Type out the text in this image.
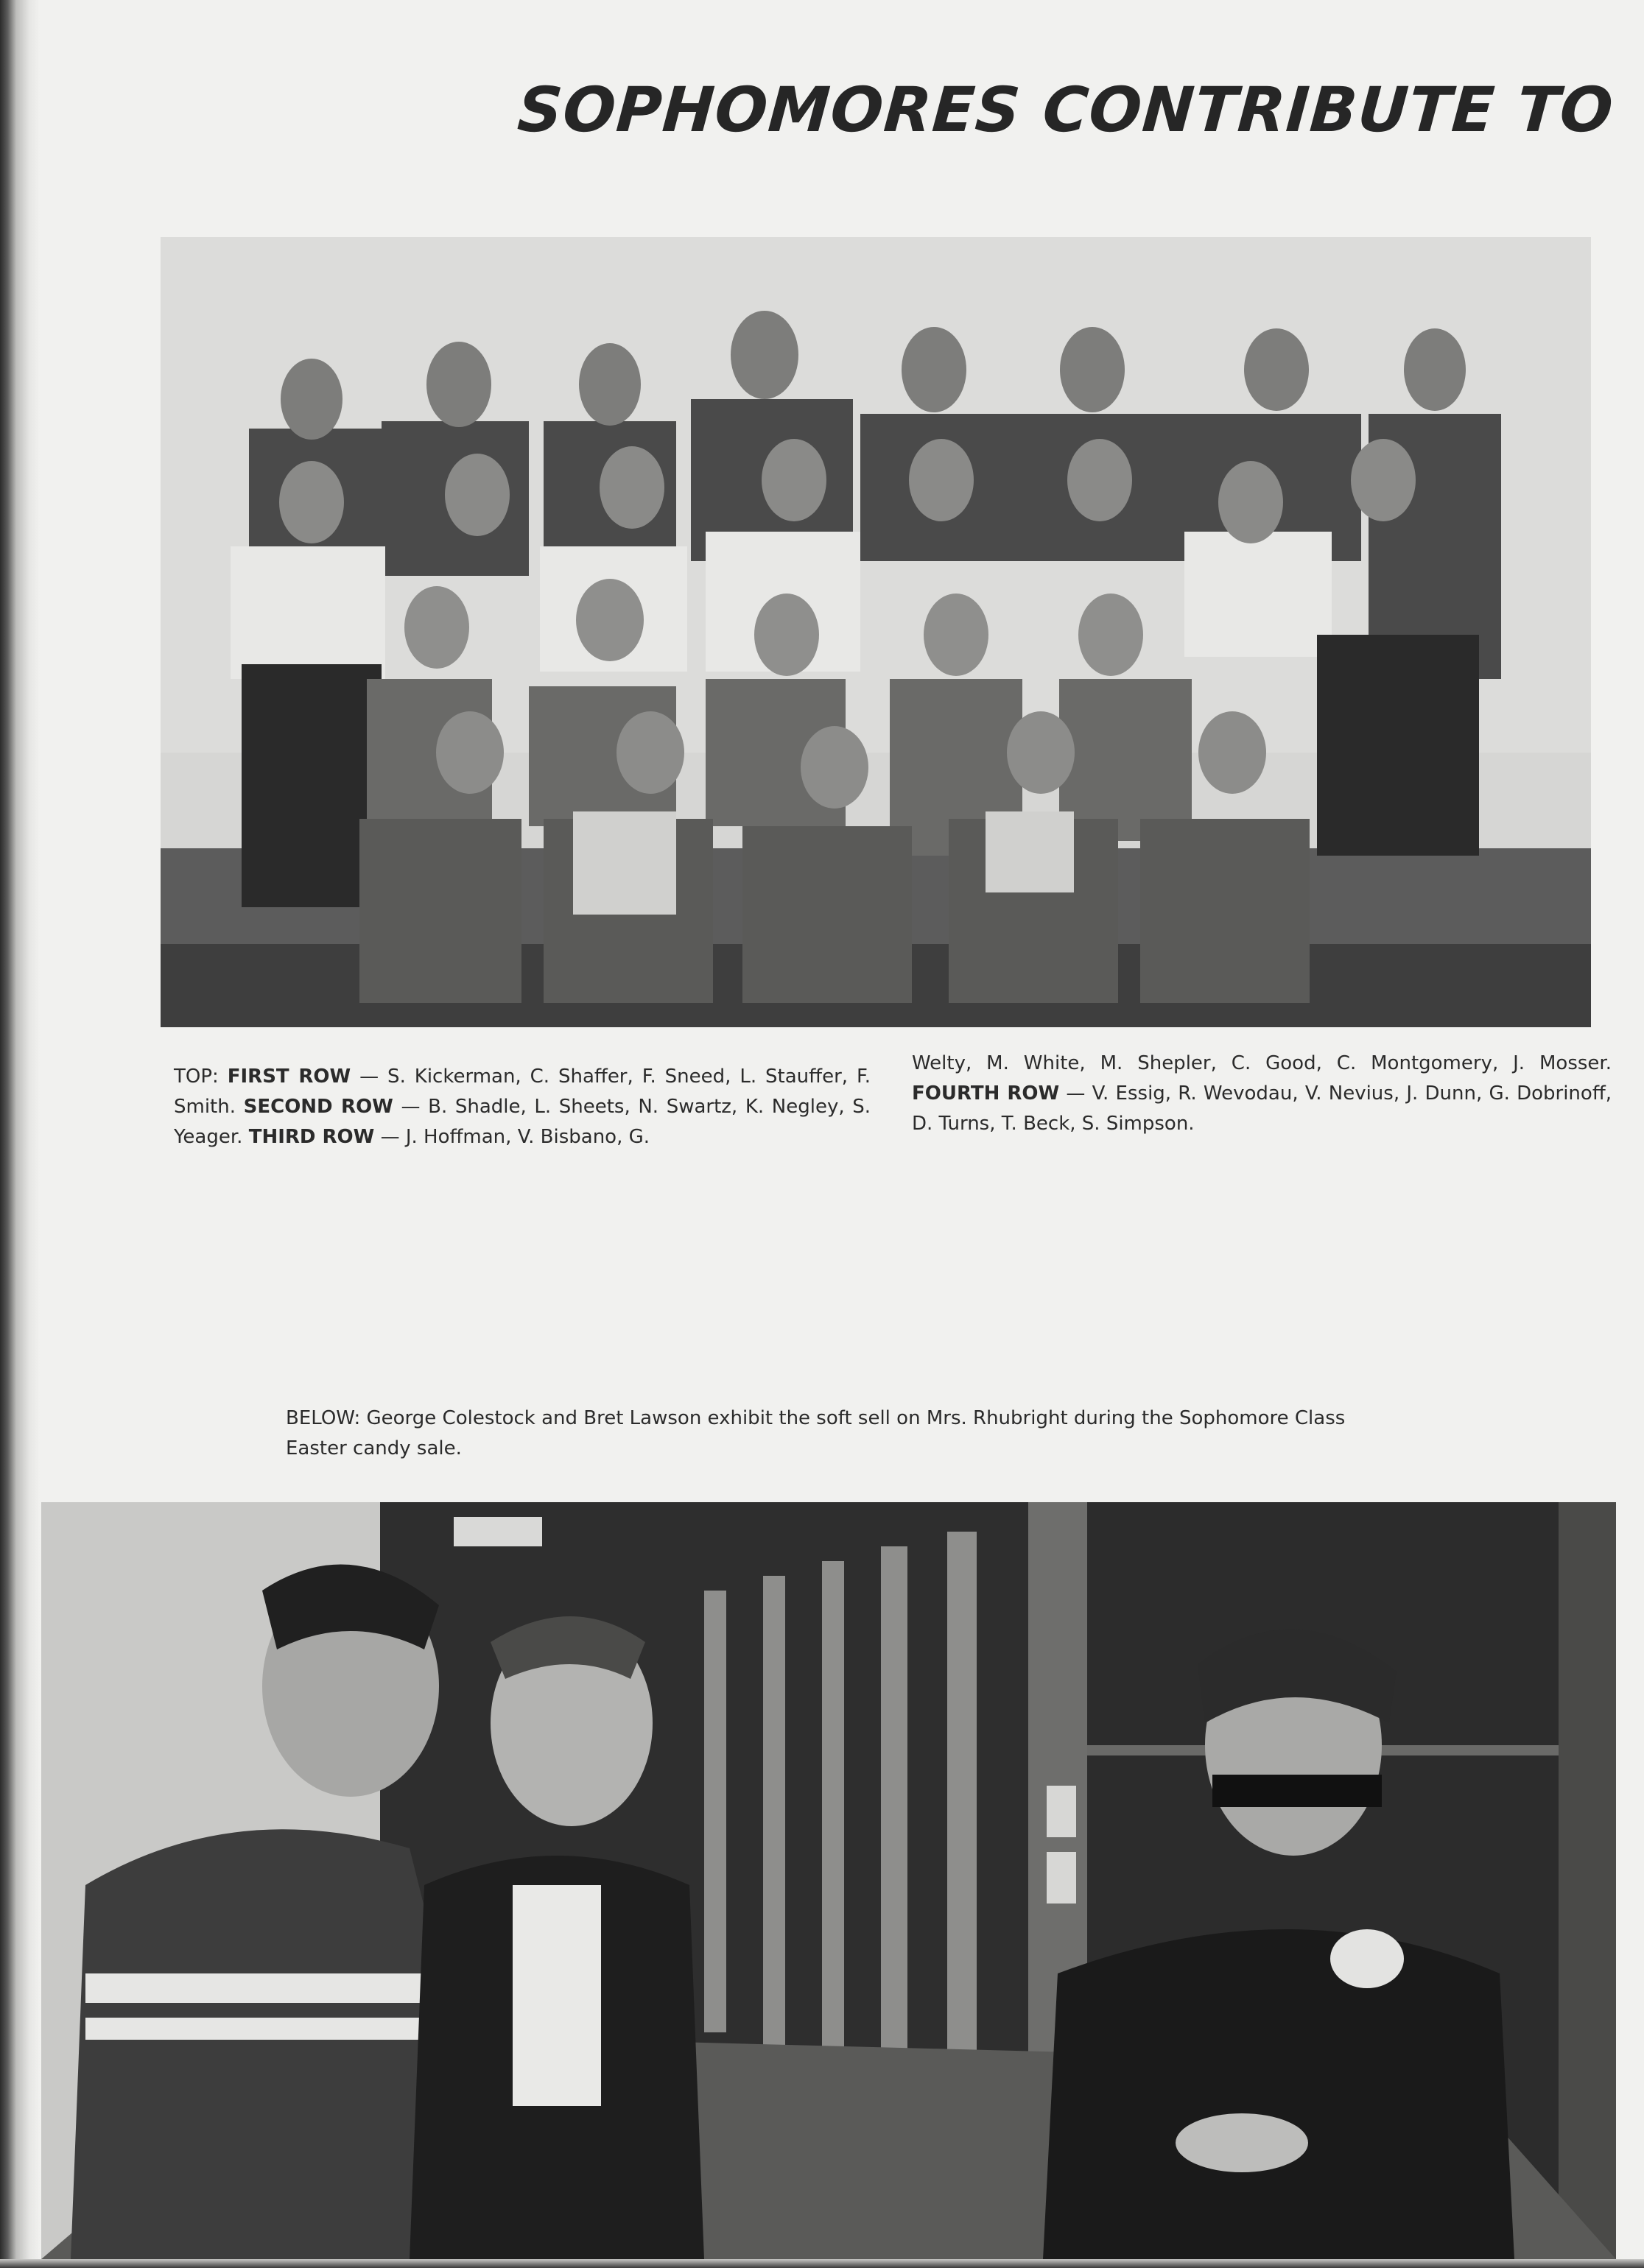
SOPHOMORES CONTRIBUTE TO

TOP: FIRST ROW — S. Kickerman, C. Shaffer, F. Sneed, L. Stauffer, F. Smith. SECOND ROW — B. Shadle, L. Sheets, N. Swartz, K. Negley, S. Yeager. THIRD ROW — J. Hoffman, V. Bisbano, G.

Welty, M. White, M. Shepler, C. Good, C. Montgomery, J. Mosser. FOURTH ROW — V. Essig, R. Wevodau, V. Nevius, J. Dunn, G. Dobrinoff, D. Turns, T. Beck, S. Simpson.

BELOW: George Colestock and Bret Lawson exhibit the soft sell on Mrs. Rhubright during the Sophomore Class Easter candy sale.
